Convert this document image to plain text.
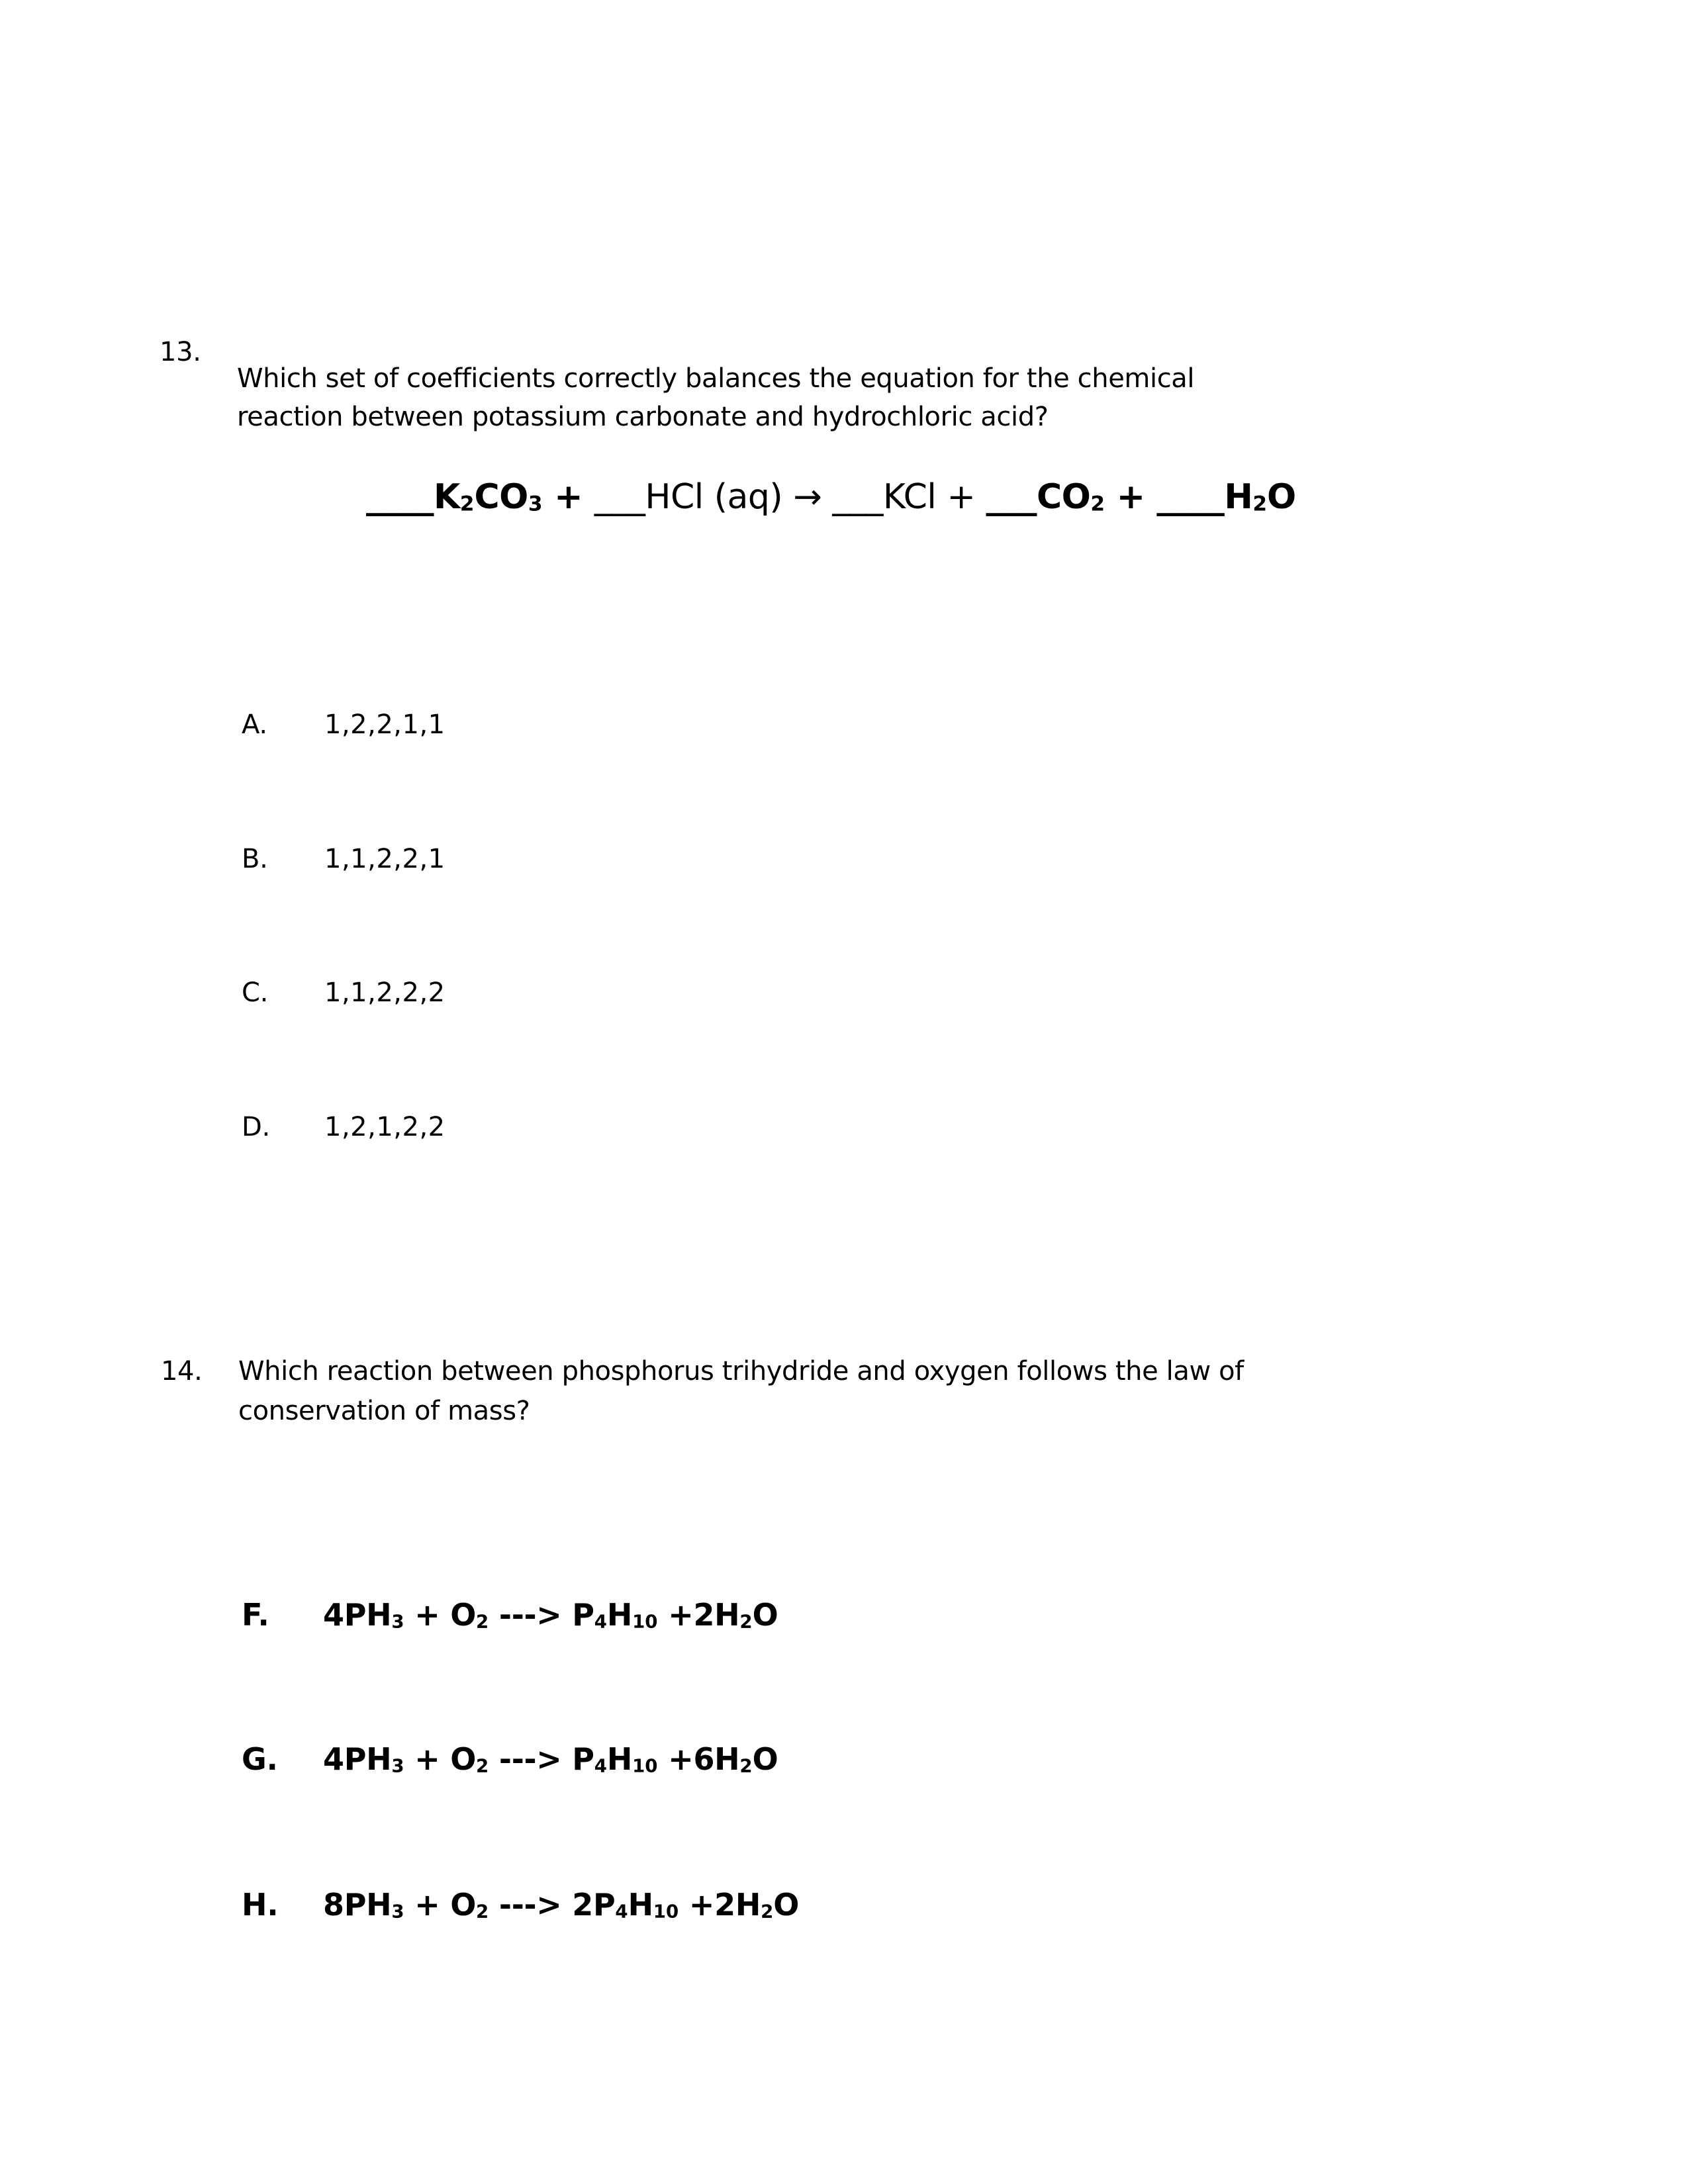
13.
Which set of coefficients correctly balances the equation for the chemical
reaction between potassium carbonate and hydrochloric acid?
____K2CO3 + ___HCl (aq) → ___KCl + ___CO2 + ____H2O
A. 1,2,2,1,1
B. 1,1,2,2,1
C. 1,1,2,2,2
D. 1,2,1,2,2
14. Which reaction between phosphorus trihydride and oxygen follows the law of
conservation of mass?
F. 4PH3 + O2 ---> P4H10 +2H2O
G. 4PH3 + O2 ---> P4H10 +6H2O
H. 8PH3 + O2 ---> 2P4H10 +2H2O
